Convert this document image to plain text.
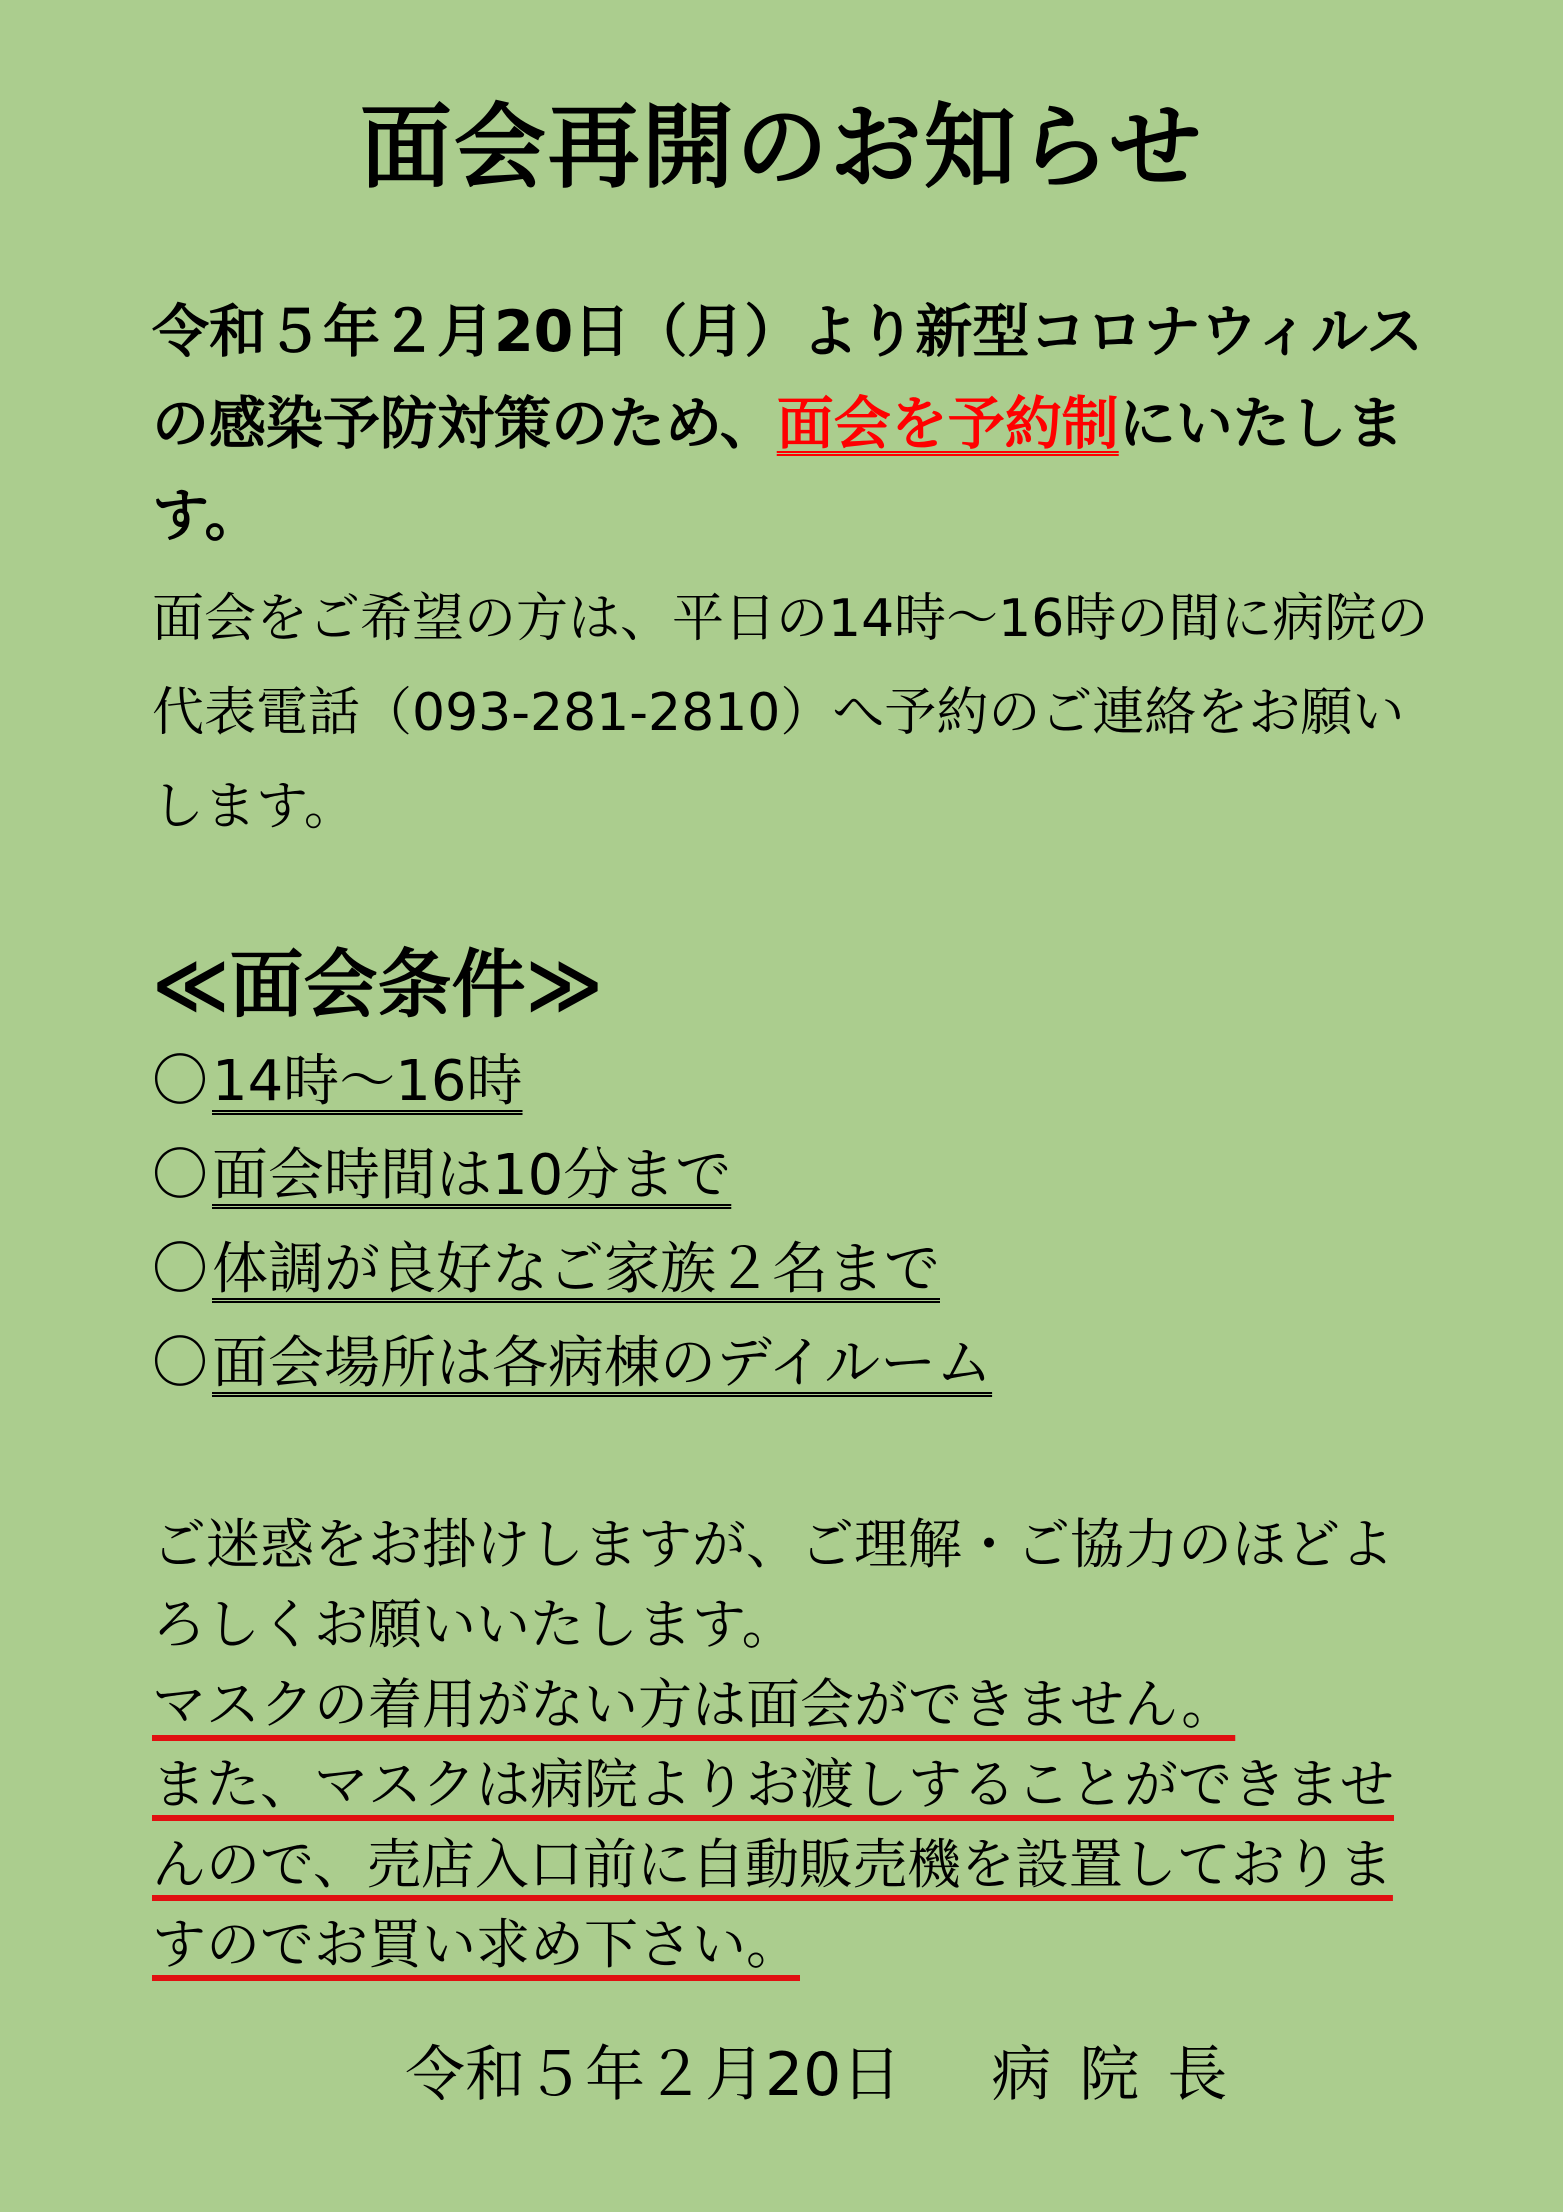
面会再開のお知らせ
令和５年２月20日（月）より新型コロナウィルスの感染予防対策のため、面会を予約制にいたします。
面会をご希望の方は、平日の14時～16時の間に病院の代表電話（093-281-2810）へ予約のご連絡をお願いします。
≪面会条件≫
〇14時～16時
〇面会時間は10分まで
〇体調が良好なご家族２名まで
〇面会場所は各病棟のデイルーム

ご迷惑をお掛けしますが、ご理解・ご協力のほどよろしくお願いいたします。

マスクの着用がない方は面会ができません。

また、マスクは病院よりお渡しすることができませんので、売店入口前に自動販売機を設置しておりますのでお買い求め下さい。

令和５年２月20日 病院長
